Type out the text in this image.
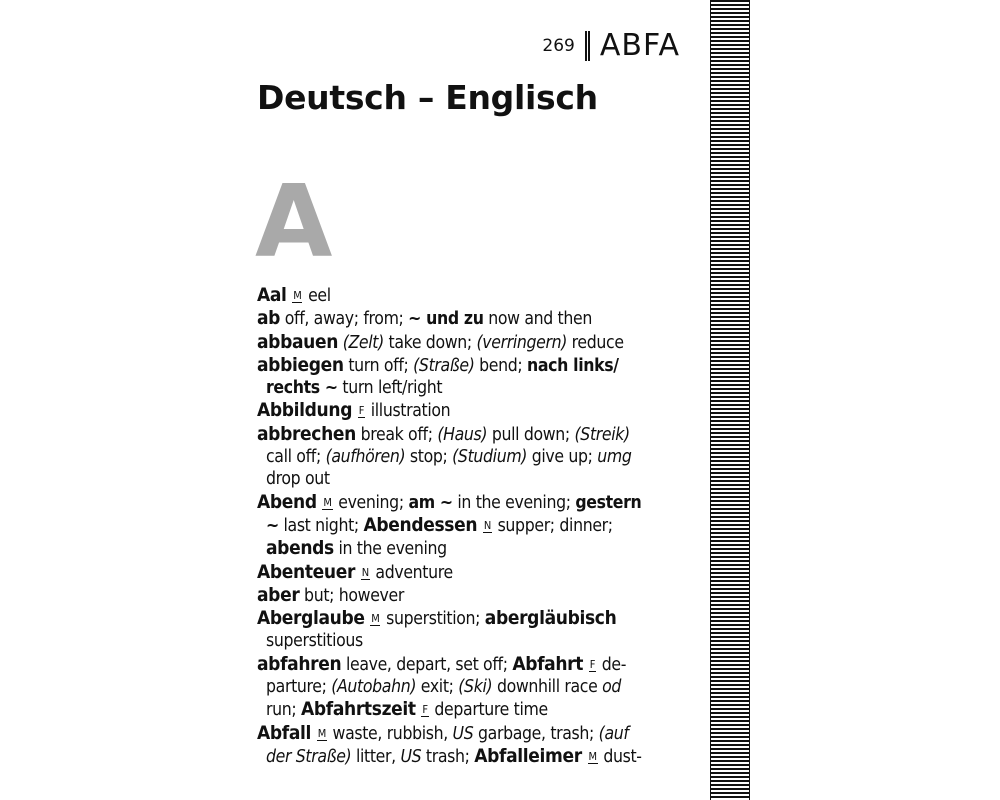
269 ABFA
Deutsch – Englisch
A
Aal M eel
ab off, away; from; ~ und zu now and then
abbauen (Zelt) take down; (verringern) reduce
abbiegen turn off; (Straße) bend; nach links/
rechts ~ turn left/right
Abbildung F illustration
abbrechen break off; (Haus) pull down; (Streik)
call off; (aufhören) stop; (Studium) give up; umg
drop out
Abend M evening; am ~ in the evening; gestern
~ last night; Abendessen N supper; dinner;
abends in the evening
Abenteuer N adventure
aber but; however
Aberglaube M superstition; abergläubisch
superstitious
abfahren leave, depart, set off; Abfahrt F de-
parture; (Autobahn) exit; (Ski) downhill race od
run; Abfahrtszeit F departure time
Abfall M waste, rubbish, US garbage, trash; (auf
der Straße) litter, US trash; Abfalleimer M dust-
